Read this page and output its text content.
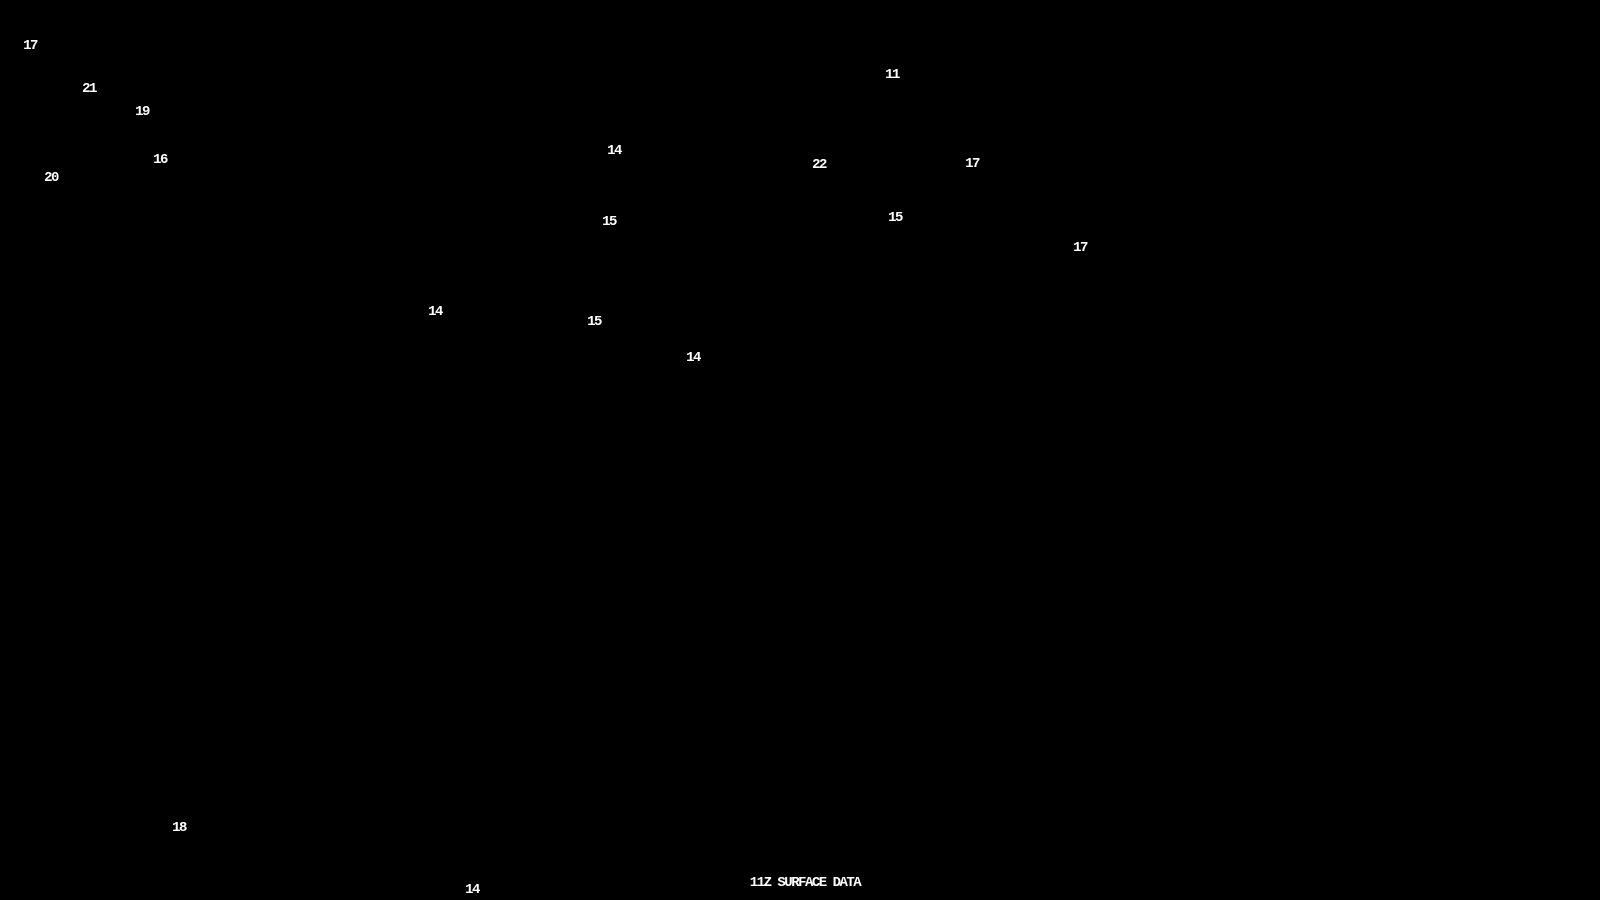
17
21
19
16
20
14
11
22	17
15	15
17
14
15
14
18
14	11Z SURFACE DATA
